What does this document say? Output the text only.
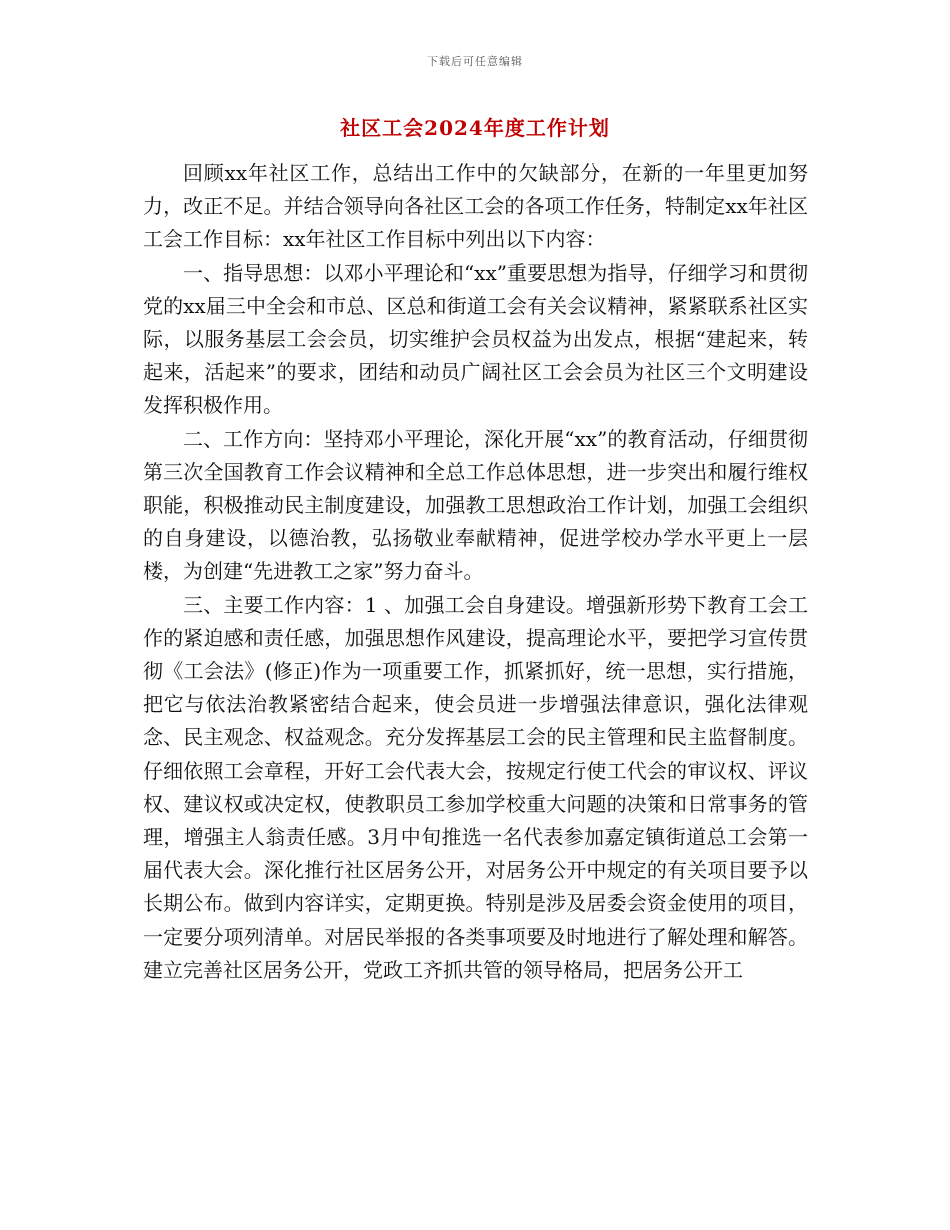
下载后可任意编辑
社区工会2024年度工作计划

回顾xx年社区工作，总结出工作中的欠缺部分，在新的一年里更加努力，改正不足。并结合领导向各社区工会的各项工作任务，特制定xx年社区工会工作目标：xx年社区工作目标中列出以下内容：

一、指导思想：以邓小平理论和“xx”重要思想为指导，仔细学习和贯彻党的xx届三中全会和市总、区总和街道工会有关会议精神，紧紧联系社区实际，以服务基层工会会员，切实维护会员权益为出发点，根据“建起来，转起来，活起来”的要求，团结和动员广阔社区工会会员为社区三个文明建设发挥积极作用。

二、工作方向：坚持邓小平理论，深化开展“xx”的教育活动，仔细贯彻第三次全国教育工作会议精神和全总工作总体思想，进一步突出和履行维权职能，积极推动民主制度建设，加强教工思想政治工作计划，加强工会组织的自身建设，以德治教，弘扬敬业奉献精神，促进学校办学水平更上一层楼，为创建“先进教工之家”努力奋斗。

三、主要工作内容：1 、加强工会自身建设。增强新形势下教育工会工作的紧迫感和责任感，加强思想作风建设，提高理论水平，要把学习宣传贯彻《工会法》(修正)作为一项重要工作，抓紧抓好，统一思想，实行措施，把它与依法治教紧密结合起来，使会员进一步增强法律意识，强化法律观念、民主观念、权益观念。充分发挥基层工会的民主管理和民主监督制度。仔细依照工会章程，开好工会代表大会，按规定行使工代会的审议权、评议权、建议权或决定权，使教职员工参加学校重大问题的决策和日常事务的管理，增强主人翁责任感。3月中旬推选一名代表参加嘉定镇街道总工会第一届代表大会。深化推行社区居务公开，对居务公开中规定的有关项目要予以长期公布。做到内容详实，定期更换。特别是涉及居委会资金使用的项目，一定要分项列清单。对居民举报的各类事项要及时地进行了解处理和解答。建立完善社区居务公开，党政工齐抓共管的领导格局，把居务公开工
